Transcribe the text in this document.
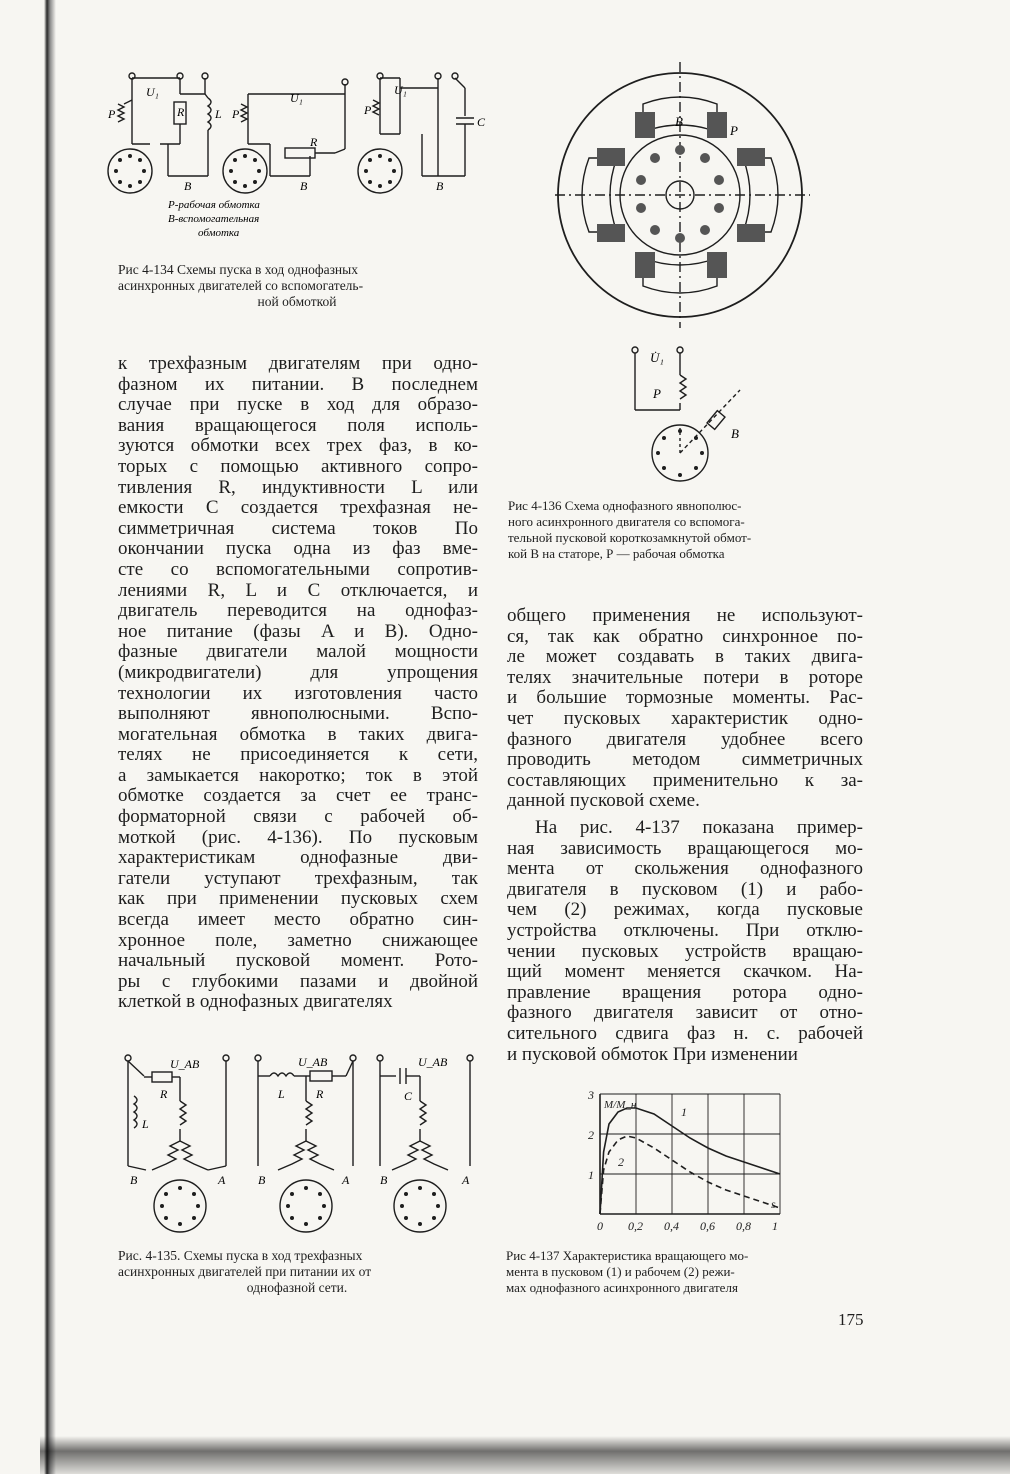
U₁	U₁
U₁
P	P	P
R
R
L
C
B	B	B
Р-рабочая обмотка
В-вспомогательная
обмотка
Рис 4-134 Схемы пуска в ход однофазных
асинхронных двигателей со вспомогатель-
ной обмоткой
B
P
U̇₁
P
B
Рис 4-136 Схема однофазного явнополюс-
ного асинхронного двигателя со вспомога-
тельной пусковой короткозамкнутой обмот-
кой В на статоре, Р — рабочая обмотка
к трехфазным двигателям при одно-
фазном их питании. В последнем
случае при пуске в ход для образо-
вания вращающегося поля исполь-
зуются обмотки всех трех фаз, в ко-
торых с помощью активного сопро-
тивления R, индуктивности L или
емкости C создается трехфазная не-
симметричная система токов По
окончании пуска одна из фаз вме-
сте со вспомогательными сопротив-
лениями R, L и C отключается, и
двигатель переводится на однофаз-
ное питание (фазы A и B). Одно-
фазные двигатели малой мощности
(микродвигатели) для упрощения
технологии их изготовления часто
выполняют явнополюсными. Вспо-
могательная обмотка в таких двига-
телях не присоединяется к сети,
а замыкается накоротко; ток в этой
обмотке создается за счет ее транс-
форматорной связи с рабочей об-
моткой (рис. 4-136). По пусковым
характеристикам однофазные дви-
гатели уступают трехфазным, так
как при применении пусковых схем
всегда имеет место обратно син-
хронное поле, заметно снижающее
начальный пусковой момент. Рото-
ры с глубокими пазами и двойной
клеткой в однофазных двигателях
общего применения не используют-
ся, так как обратно синхронное по-
ле может создавать в таких двига-
телях значительные потери в роторе
и большие тормозные моменты. Рас-
чет пусковых характеристик одно-
фазного двигателя удобнее всего
проводить методом симметричных
составляющих применительно к за-
данной пусковой схеме.
На рис. 4-137 показана пример-
ная зависимость вращающегося мо-
мента от скольжения однофазного
двигателя в пусковом (1) и рабо-
чем (2) режимах, когда пусковые
устройства отключены. При отклю-
чении пусковых устройств вращаю-
щий момент меняется скачком. На-
правление вращения ротора одно-
фазного двигателя зависит от отно-
сительного сдвига фаз н. с. рабочей
и пусковой обмоток При изменении
U_AB	U_AB	U_AB
R	R
L
L	C
B	A	B	A	B	A
Рис. 4-135. Схемы пуска в ход трехфазных
асинхронных двигателей при питании их от
однофазной сети.
1
2
0 0,2 0,4 0,6 0,8 1
1
2
3
s
M/M_н
Рис 4-137 Характеристика вращающего мо-
мента в пусковом (1) и рабочем (2) режи-
мах однофазного асинхронного двигателя
175
